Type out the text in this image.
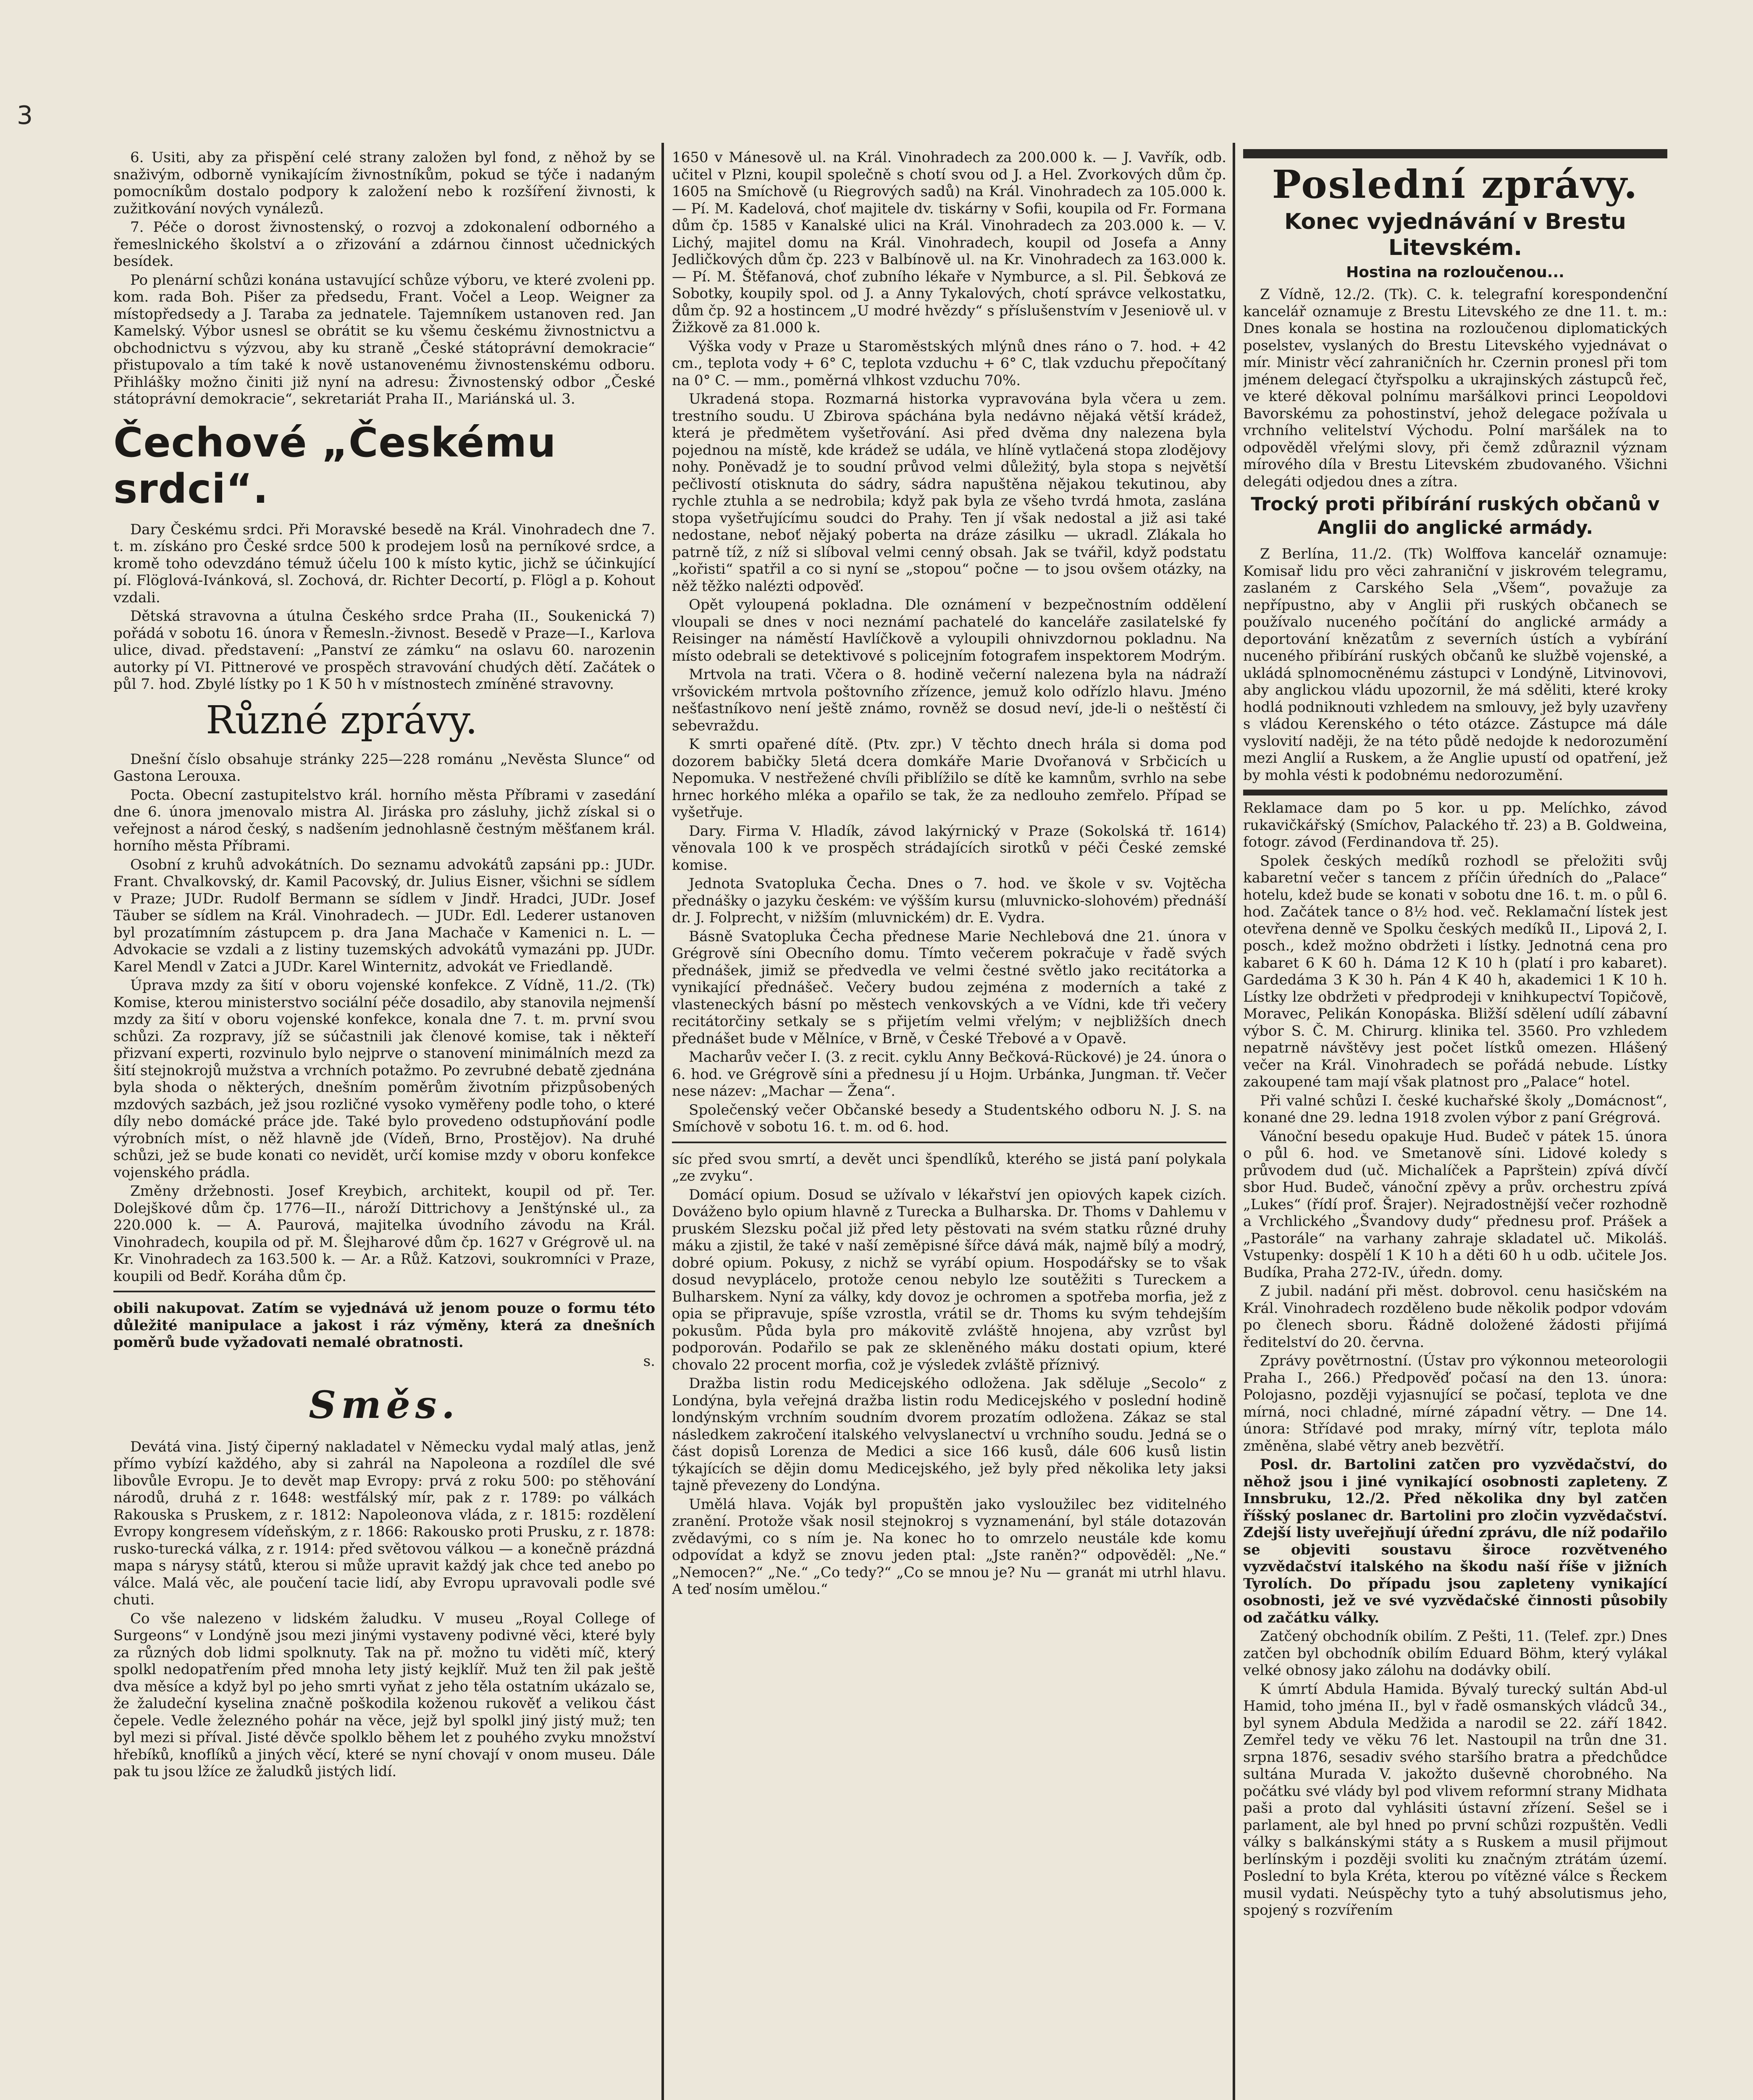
6. Usiti, aby za přispění celé strany založen byl fond, z něhož by se snaživým, odborně vynikajícím živnostníkům, pokud se týče i nadaným pomocníkům dostalo podpory k založení nebo k rozšíření živnosti, k zužitkování nových vynálezů.

7. Péče o dorost živnostenský, o rozvoj a zdokonalení odborného a řemeslnického školství a o zřizování a zdárnou činnost učednických besídek.

Po plenární schůzi konána ustavující schůze výboru, ve které zvoleni pp. kom. rada Boh. Pišer za předsedu, Frant. Vočel a Leop. Weigner za místopředsedy a J. Taraba za jednatele. Tajemníkem ustanoven red. Jan Kamelský. Výbor usnesl se obrátit se ku všemu českému živnostnictvu a obchodnictvu s výzvou, aby ku straně „České státoprávní demokracie“ přistupovalo a tím také k nově ustanovenému živnostenskému odboru. Přihlášky možno činiti již nyní na adresu: Živnostenský odbor „České státoprávní demokracie“, sekretariát Praha II., Mariánská ul. 3.

Čechové „Českému srdci“.

Dary Českému srdci. Při Moravské besedě na Král. Vinohradech dne 7. t. m. získáno pro České srdce 500 k prodejem losů na perníkové srdce, a kromě toho odevzdáno témuž účelu 100 k místo kytic, jichž se účinkující pí. Flöglová-Ivánková, sl. Zochová, dr. Richter Decortí, p. Flögl a p. Kohout vzdali.

Dětská stravovna a útulna Českého srdce Praha (II., Soukenická 7) pořádá v sobotu 16. února v Řemesln.-živnost. Besedě v Praze—I., Karlova ulice, divad. představení: „Panství ze zámku“ na oslavu 60. narozenin autorky pí VI. Pittnerové ve prospěch stravování chudých dětí. Začátek o půl 7. hod. Zbylé lístky po 1 K 50 h v místnostech zmíněné stravovny.

Různé zprávy.

Dnešní číslo obsahuje stránky 225—228 románu „Nevěsta Slunce“ od Gastona Lerouxa.

Pocta. Obecní zastupitelstvo král. horního města Příbrami v zasedání dne 6. února jmenovalo mistra Al. Jiráska pro zásluhy, jichž získal si o veřejnost a národ český, s nadšením jednohlasně čestným měšťanem král. horního města Příbrami.

Osobní z kruhů advokátních. Do seznamu advokátů zapsáni pp.: JUDr. Frant. Chvalkovský, dr. Kamil Pacovský, dr. Julius Eisner, všichni se sídlem v Praze; JUDr. Rudolf Bermann se sídlem v Jindř. Hradci, JUDr. Josef Täuber se sídlem na Král. Vinohradech. — JUDr. Edl. Lederer ustanoven byl prozatímním zástupcem p. dra Jana Machače v Kamenici n. L. — Advokacie se vzdali a z listiny tuzemských advokátů vymazáni pp. JUDr. Karel Mendl v Zatci a JUDr. Karel Winternitz, advokát ve Friedlandě.

Úprava mzdy za šití v oboru vojenské konfekce. Z Vídně, 11./2. (Tk) Komise, kterou ministerstvo sociální péče dosadilo, aby stanovila nejmenší mzdy za šití v oboru vojenské konfekce, konala dne 7. t. m. první svou schůzi. Za rozpravy, jíž se súčastnili jak členové komise, tak i někteří přizvaní experti, rozvinulo bylo nejprve o stanovení minimálních mezd za šití stejnokrojů mužstva a vrchních potažmo. Po zevrubné debatě zjednána byla shoda o některých, dnešním poměrům životním přizpůsobených mzdových sazbách, jež jsou rozličné vysoko vyměřeny podle toho, o které díly nebo domácké práce jde. Také bylo provedeno odstupňování podle výrobních míst, o něž hlavně jde (Vídeň, Brno, Prostějov). Na druhé schůzi, jež se bude konati co nevidět, určí komise mzdy v oboru konfekce vojenského prádla.

Změny držebnosti. Josef Kreybich, architekt, koupil od př. Ter. Dolejškové dům čp. 1776—II., nároží Dittrichovy a Jenštýnské ul., za 220.000 k. — A. Paurová, majitelka úvodního závodu na Král. Vinohradech, koupila od př. M. Šlejharové dům čp. 1627 v Grégrově ul. na Kr. Vinohradech za 163.500 k. — Ar. a Růž. Katzovi, soukromníci v Praze, koupili od Bedř. Koráha dům čp.

obili nakupovat. Zatím se vyjednává už jenom pouze o formu této důležité manipulace a jakost i ráz výměny, která za dnešních poměrů bude vyžadovati nemalé obratnosti.

s.
Směs.

Devátá vina. Jistý čiperný nakladatel v Německu vydal malý atlas, jenž přímo vybízí každého, aby si zahrál na Napoleona a rozdílel dle své libovůle Evropu. Je to devět map Evropy: prvá z roku 500: po stěhování národů, druhá z r. 1648: westfálský mír, pak z r. 1789: po válkách Rakouska s Pruskem, z r. 1812: Napoleonova vláda, z r. 1815: rozdělení Evropy kongresem vídeňským, z r. 1866: Rakousko proti Prusku, z r. 1878: rusko-turecká válka, z r. 1914: před světovou válkou — a konečně prázdná mapa s nárysy států, kterou si může upravit každý jak chce ted anebo po válce. Malá věc, ale poučení tacie lidí, aby Evropu upravovali podle své chuti.

Co vše nalezeno v lidském žaludku. V museu „Royal College of Surgeons“ v Londýně jsou mezi jinými vystaveny podivné věci, které byly za různých dob lidmi spolknuty. Tak na př. možno tu viděti míč, který spolkl nedopatřením před mnoha lety jistý kejklíř. Muž ten žil pak ještě dva měsíce a když byl po jeho smrti vyňat z jeho těla ostatním ukázalo se, že žaludeční kyselina značně poškodila koženou rukověť a velikou část čepele. Vedle železného pohár na věce, jejž byl spolkl jiný jistý muž; ten byl mezi si příval. Jisté děvče spolklo během let z pouhého zvyku množství hřebíků, knoflíků a jiných věcí, které se nyní chovají v onom museu. Dále pak tu jsou lžíce ze žaludků jistých lidí.

1650 v Mánesově ul. na Král. Vinohradech za 200.000 k. — J. Vavřík, odb. učitel v Plzni, koupil společně s chotí svou od J. a Hel. Zvorkových dům čp. 1605 na Smíchově (u Riegrových sadů) na Král. Vinohradech za 105.000 k. — Pí. M. Kadelová, choť majitele dv. tiskárny v Sofii, koupila od Fr. Formana dům čp. 1585 v Kanalské ulici na Král. Vinohradech za 203.000 k. — V. Lichý, majitel domu na Král. Vinohradech, koupil od Josefa a Anny Jedličkových dům čp. 223 v Balbínově ul. na Kr. Vinohradech za 163.000 k. — Pí. M. Štěfanová, choť zubního lékaře v Nymburce, a sl. Pil. Šebková ze Sobotky, koupily spol. od J. a Anny Tykalových, chotí správce velkostatku, dům čp. 92 a hostincem „U modré hvězdy“ s příslušenstvím v Jeseniově ul. v Žižkově za 81.000 k.

Výška vody v Praze u Staroměstských mlýnů dnes ráno o 7. hod. + 42 cm., teplota vody + 6° C, teplota vzduchu + 6° C, tlak vzduchu přepočítaný na 0° C. — mm., poměrná vlhkost vzduchu 70%.

Ukradená stopa. Rozmarná historka vypravována byla včera u zem. trestního soudu. U Zbirova spáchána byla nedávno nějaká větší krádež, která je předmětem vyšetřování. Asi před dvěma dny nalezena byla pojednou na místě, kde krádež se udála, ve hlíně vytlačená stopa zlodějovy nohy. Poněvadž je to soudní průvod velmi důležitý, byla stopa s největší pečlivostí otisknuta do sádry, sádra napuštěna nějakou tekutinou, aby rychle ztuhla a se nedrobila; když pak byla ze všeho tvrdá hmota, zaslána stopa vyšetřujícímu soudci do Prahy. Ten jí však nedostal a již asi také nedostane, neboť nějaký poberta na dráze zásilku — ukradl. Zlákala ho patrně tíž, z níž si slíboval velmi cenný obsah. Jak se tvářil, když podstatu „kořisti“ spatřil a co si nyní se „stopou“ počne — to jsou ovšem otázky, na něž těžko nalézti odpověď.

Opět vyloupená pokladna. Dle oznámení v bezpečnostním oddělení vloupali se dnes v noci neznámí pachatelé do kanceláře zasilatelské fy Reisinger na náměstí Havlíčkově a vyloupili ohnivzdornou pokladnu. Na místo odebrali se detektivové s policejním fotografem inspektorem Modrým.

Mrtvola na trati. Včera o 8. hodině večerní nalezena byla na nádraží vršovickém mrtvola poštovního zřízence, jemuž kolo odřízlo hlavu. Jméno nešťastníkovo není ještě známo, rovněž se dosud neví, jde-li o neštěstí či sebevraždu.

K smrti opařené dítě. (Ptv. zpr.) V těchto dnech hrála si doma pod dozorem babičky 5letá dcera domkáře Marie Dvořanová v Srbčicích u Nepomuka. V nestřežené chvíli přiblížilo se dítě ke kamnům, svrhlo na sebe hrnec horkého mléka a opařilo se tak, že za nedlouho zemřelo. Případ se vyšetřuje.

Dary. Firma V. Hladík, závod lakýrnický v Praze (Sokolská tř. 1614) věnovala 100 k ve prospěch strádajících sirotků v péči České zemské komise.

Jednota Svatopluka Čecha. Dnes o 7. hod. ve škole v sv. Vojtěcha přednášky o jazyku českém: ve výšším kursu (mluvnicko-slohovém) přednáší dr. J. Folprecht, v nižším (mluvnickém) dr. E. Vydra.

Básně Svatopluka Čecha přednese Marie Nechlebová dne 21. února v Grégrově síni Obecního domu. Tímto večerem pokračuje v řadě svých přednášek, jimiž se předvedla ve velmi čestné světlo jako recitátorka a vynikající přednášeč. Večery budou zejména z moderních a také z vlasteneckých básní po městech venkovských a ve Vídni, kde tři večery recitátorčiny setkaly se s přijetím velmi vřelým; v nejbližších dnech přednášet bude v Mělníce, v Brně, v České Třebové a v Opavě.

Macharův večer I. (3. z recit. cyklu Anny Bečková-Rückové) je 24. února o 6. hod. ve Grégrově síni a přednesu jí u Hojm. Urbánka, Jungman. tř. Večer nese název: „Machar — Žena“.

Společenský večer Občanské besedy a Studentského odboru N. J. S. na Smíchově v sobotu 16. t. m. od 6. hod.

síc před svou smrtí, a devět unci špendlíků, kterého se jistá paní polykala „ze zvyku“.

Domácí opium. Dosud se užívalo v lékařství jen opiových kapek cizích. Dováženo bylo opium hlavně z Turecka a Bulharska. Dr. Thoms v Dahlemu v pruském Slezsku počal již před lety pěstovati na svém statku různé druhy máku a zjistil, že také v naší zeměpisné šířce dává mák, najmě bílý a modrý, dobré opium. Pokusy, z nichž se vyrábí opium. Hospodářsky se to však dosud nevyplácelo, protože cenou nebylo lze soutěžiti s Tureckem a Bulharskem. Nyní za války, kdy dovoz je ochromen a spotřeba morfia, jež z opia se připravuje, spíše vzrostla, vrátil se dr. Thoms ku svým tehdejším pokusům. Půda byla pro mákovitě zvláště hnojena, aby vzrůst byl podporován. Podařilo se pak ze skleněného máku dostati opium, které chovalo 22 procent morfia, což je výsledek zvláště příznivý.

Dražba listin rodu Medicejského odložena. Jak sděluje „Secolo“ z Londýna, byla veřejná dražba listin rodu Medicejského v poslední hodině londýnským vrchním soudním dvorem prozatím odložena. Zákaz se stal následkem zakročení italského velvyslanectví u vrchního soudu. Jedná se o část dopisů Lorenza de Medici a sice 166 kusů, dále 606 kusů listin týkajících se dějin domu Medicejského, jež byly před několika lety jaksi tajně převezeny do Londýna.

Umělá hlava. Voják byl propuštěn jako vysloužilec bez viditelného zranění. Protože však nosil stejnokroj s vyznamenání, byl stále dotazován zvědavými, co s ním je. Na konec ho to omrzelo neustále kde komu odpovídat a když se znovu jeden ptal: „Jste raněn?“ odpověděl: „Ne.“ „Nemocen?“ „Ne.“ „Co tedy?“ „Co se mnou je? Nu — granát mi utrhl hlavu. A teď nosím umělou.“

Poslední zprávy.
Konec vyjednávání v Brestu Litevském.
Hostina na rozloučenou...

Z Vídně, 12./2. (Tk). C. k. telegrafní korespondenční kancelář oznamuje z Brestu Litevského ze dne 11. t. m.: Dnes konala se hostina na rozloučenou diplomatických poselstev, vyslaných do Brestu Litevského vyjednávat o mír. Ministr věcí zahraničních hr. Czernin pronesl při tom jménem delegací čtyřspolku a ukrajinských zástupců řeč, ve které děkoval polnímu maršálkovi princi Leopoldovi Bavorskému za pohostinství, jehož delegace požívala u vrchního velitelství Východu. Polní maršálek na to odpověděl vřelými slovy, při čemž zdůraznil význam mírového díla v Brestu Litevském zbudovaného. Všichni delegáti odjedou dnes a zítra.

Trocký proti přibírání ruských občanů v Anglii do anglické armády.

Z Berlína, 11./2. (Tk) Wolffova kancelář oznamuje: Komisař lidu pro věci zahraniční v jiskrovém telegramu, zaslaném z Carského Sela „Všem“, považuje za nepřípustno, aby v Anglii při ruských občanech se používalo nuceného počítání do anglické armády a deportování knězatům z severních ústích a vybírání nuceného přibírání ruských občanů ke službě vojenské, a ukládá splnomocněnému zástupci v Londýně, Litvinovovi, aby anglickou vládu upozornil, že má sděliti, které kroky hodlá podniknouti vzhledem na smlouvy, jež byly uzavřeny s vládou Kerenského o této otázce. Zástupce má dále vyslovití naději, že na této půdě nedojde k nedorozumění mezi Anglií a Ruskem, a že Anglie upustí od opatření, jež by mohla vésti k podobnému nedorozumění.

Reklamace dam po 5 kor. u pp. Melíchko, závod rukavičkářský (Smíchov, Palackého tř. 23) a B. Goldweina, fotogr. závod (Ferdinandova tř. 25).

Spolek českých medíků rozhodl se přeložiti svůj kabaretní večer s tancem z příčin úředních do „Palace“ hotelu, kdež bude se konati v sobotu dne 16. t. m. o půl 6. hod. Začátek tance o 8½ hod. več. Reklamační lístek jest otevřena denně ve Spolku českých medíků II., Lipová 2, I. posch., kdež možno obdržeti i lístky. Jednotná cena pro kabaret 6 K 60 h. Dáma 12 K 10 h (platí i pro kabaret). Gardedáma 3 K 30 h. Pán 4 K 40 h, akademici 1 K 10 h. Lístky lze obdržeti v předprodeji v knihkupectví Topičově, Moravec, Pelikán Konopáska. Bližší sdělení udílí zábavní výbor S. Č. M. Chirurg. klinika tel. 3560. Pro vzhledem nepatrně návštěvy jest počet lístků omezen. Hlášený večer na Král. Vinohradech se pořádá nebude. Lístky zakoupené tam mají však platnost pro „Palace“ hotel.

Při valné schůzi I. české kuchařské školy „Domácnost“, konané dne 29. ledna 1918 zvolen výbor z paní Grégrová.

Vánoční besedu opakuje Hud. Budeč v pátek 15. února o půl 6. hod. ve Smetanově síni. Lidové koledy s průvodem dud (uč. Michalíček a Paprštein) zpívá dívčí sbor Hud. Budeč, vánoční zpěvy a prův. orchestru zpívá „Lukes“ (řídí prof. Šrajer). Nejradostnější večer rozhodně a Vrchlického „Švandovy dudy“ přednesu prof. Prášek a „Pastorále“ na varhany zahraje skladatel uč. Mikoláš. Vstupenky: dospělí 1 K 10 h a děti 60 h u odb. učitele Jos. Budíka, Praha 272-IV., úředn. domy.

Z jubil. nadání při měst. dobrovol. cenu hasičském na Král. Vinohradech rozděleno bude několik podpor vdovám po členech sboru. Řádně doložené žádosti přijímá ředitelství do 20. června.

Zprávy povětrnostní. (Ústav pro výkonnou meteorologii Praha I., 266.) Předpověď počasí na den 13. února: Polojasno, později vyjasnující se počasí, teplota ve dne mírná, noci chladné, mírné západní větry. — Dne 14. února: Střídavé pod mraky, mírný vítr, teplota málo změněna, slabé větry aneb bezvětří.

Posl. dr. Bartolini zatčen pro vyzvědačství, do něhož jsou i jiné vynikající osobnosti zapleteny. Z Innsbruku, 12./2. Před několika dny byl zatčen říšský poslanec dr. Bartolini pro zločin vyzvědačství. Zdejší listy uveřejňují úřední zprávu, dle níž podařilo se objeviti soustavu široce rozvětveného vyzvědačství italského na škodu naší říše v jižních Tyrolích. Do případu jsou zapleteny vynikající osobnosti, jež ve své vyzvědačské činnosti působily od začátku války.

Zatčený obchodník obilím. Z Pešti, 11. (Telef. zpr.) Dnes zatčen byl obchodník obilím Eduard Böhm, který vylákal velké obnosy jako zálohu na dodávky obilí.

K úmrtí Abdula Hamida. Bývalý turecký sultán Abd-ul Hamid, toho jména II., byl v řadě osmanských vládců 34., byl synem Abdula Medžida a narodil se 22. září 1842. Zemřel tedy ve věku 76 let. Nastoupil na trůn dne 31. srpna 1876, sesadiv svého staršího bratra a předchůdce sultána Murada V. jakožto duševně chorobného. Na počátku své vlády byl pod vlivem reformní strany Midhata paši a proto dal vyhlásiti ústavní zřízení. Sešel se i parlament, ale byl hned po první schůzi rozpuštěn. Vedli války s balkánskými státy a s Ruskem a musil přijmout berlínským i později svoliti ku značným ztrátám území. Poslední to byla Kréta, kterou po vítězné válce s Řeckem musil vydati. Neúspěchy tyto a tuhý absolutismus jeho, spojený s rozvířením

3
